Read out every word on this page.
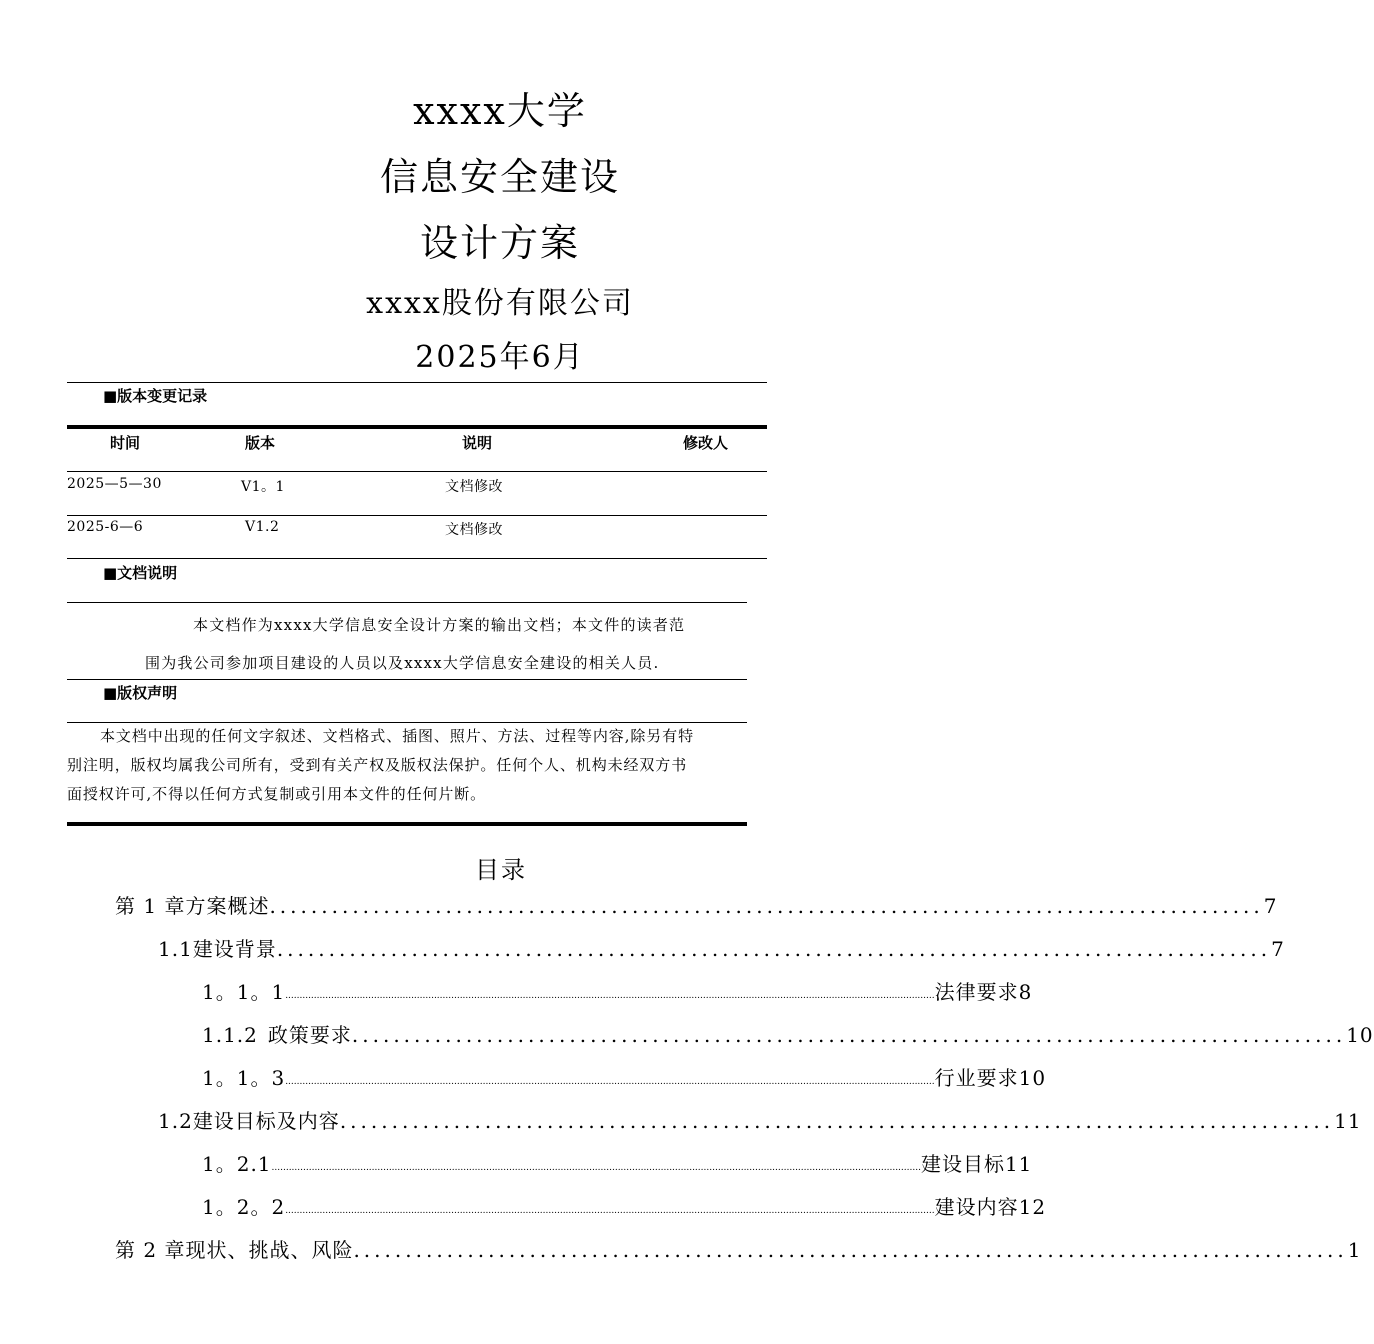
xxxx大学
信息安全建设
设计方案
xxxx股份有限公司
2025年6月
■版本变更记录
时间	版本	说明	修改人
2025—5—30	V1。1	文档修改
2025-6—6	V1.2	文档修改
■文档说明
本文档作为xxxx大学信息安全设计方案的输出文档；本文件的读者范
围为我公司参加项目建设的人员以及xxxx大学信息安全建设的相关人员.
■版权声明
本文档中出现的任何文字叙述、文档格式、插图、照片、方法、过程等内容,除另有特
别注明，版权均属我公司所有，受到有关产权及版权法保护。任何个人、机构未经双方书
面授权许可,不得以任何方式复制或引用本文件的任何片断。
目录
第 1 章 方案概述 ................................................................................................ 7
1.1 建设背景 ................................................................................................ 7
1。1。1 ................................................................................................................................................................................................................................... 法律要求 8
1.1.2 政策要求 ................................................................................................ 10
1。1。3 ................................................................................................................................................................................................................................... 行业要求 10
1.2 建设目标及内容 ................................................................................................ 11
1。2.1 ................................................................................................................................................................................................................................... 建设目标 11
1。2。2 ................................................................................................................................................................................................................................... 建设内容 12
第 2 章 现状、挑战、风险 ................................................................................................ 1
